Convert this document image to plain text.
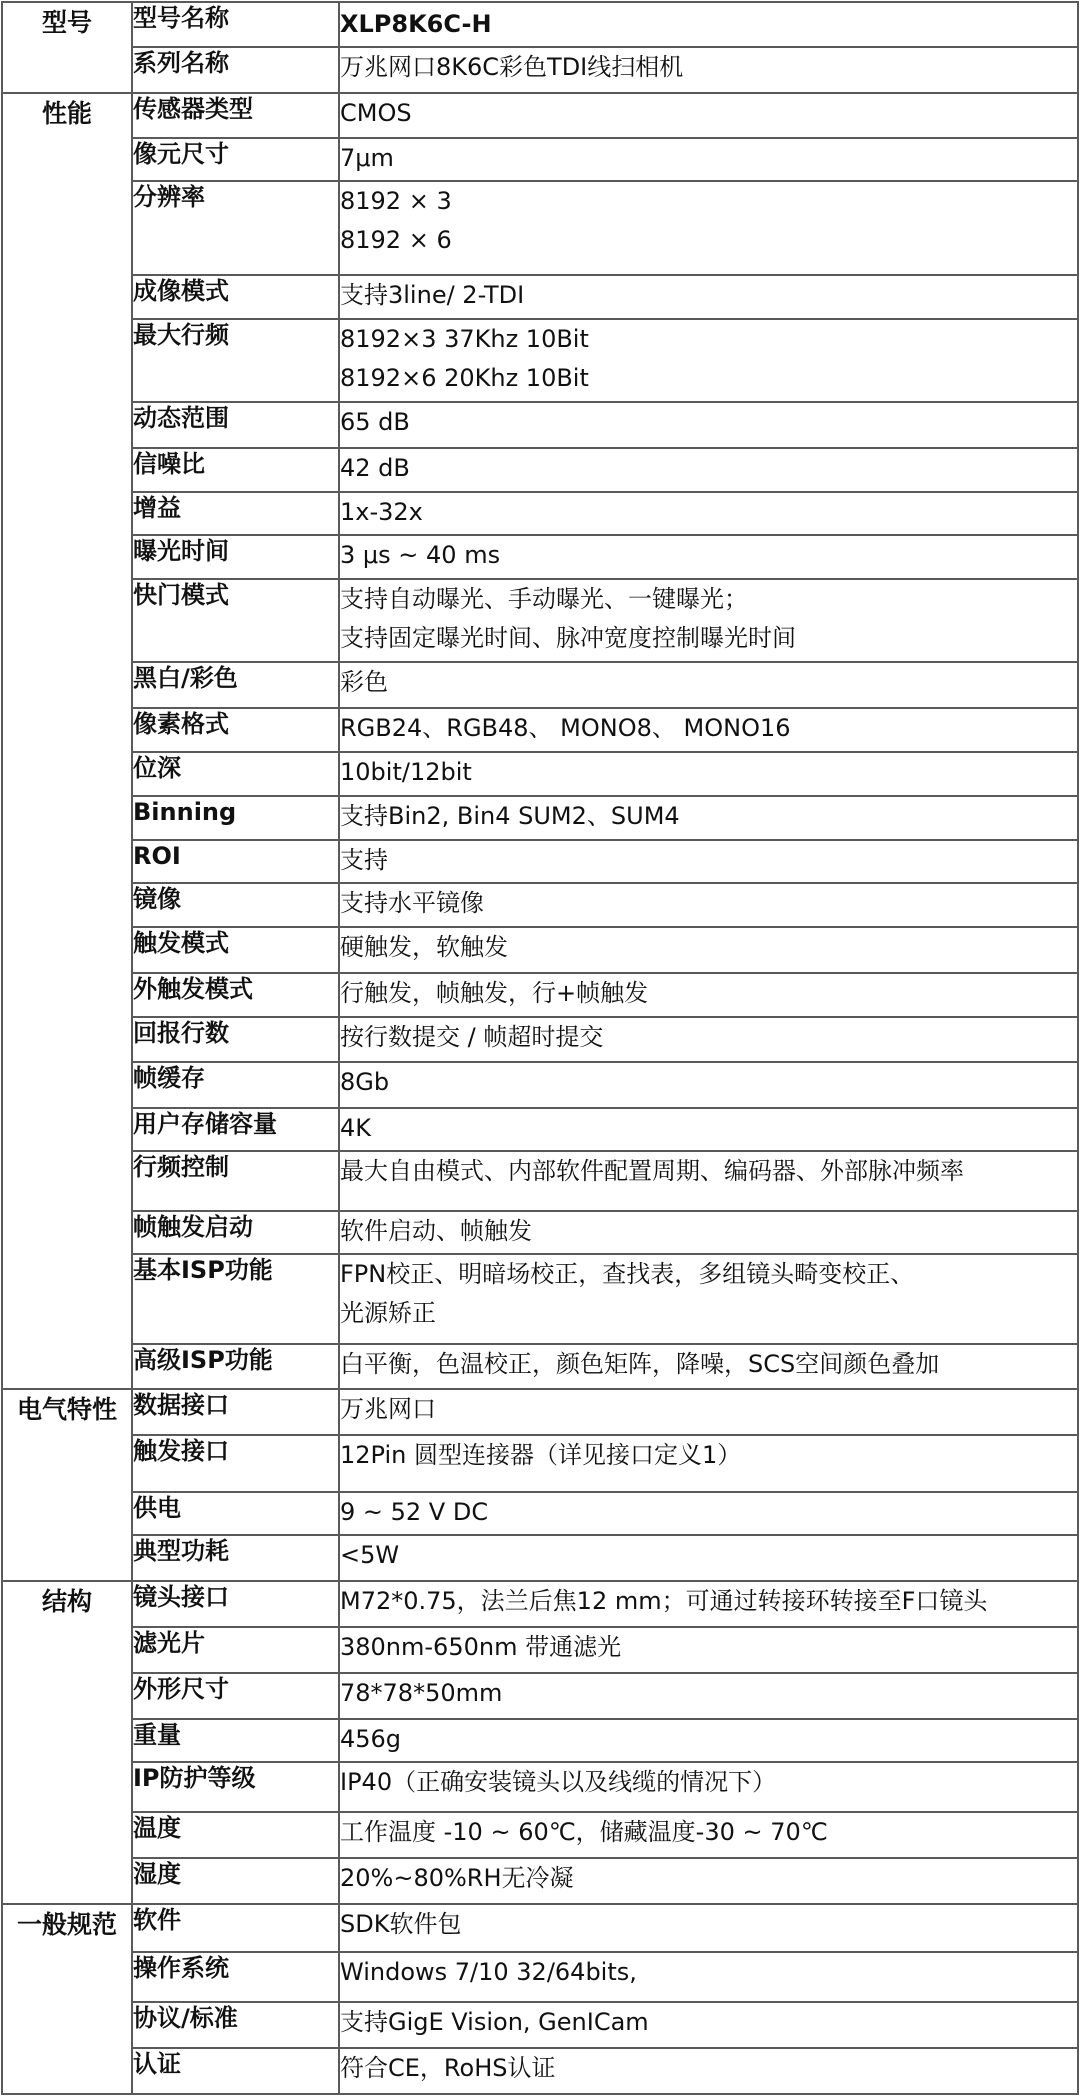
型号	型号名称	XLP8K6C-H

	系列名称	万兆网口8K6C彩色TDI线扫相机

性能	传感器类型	CMOS

	像元尺寸	7μm

	分辨率	8192 × 3
8192 × 6

	成像模式	支持3line/ 2-TDI

	最大行频	8192×3 37Khz 10Bit
8192×6 20Khz 10Bit

	动态范围	65 dB

	信噪比	42 dB

	增益	1x-32x

	曝光时间	3 μs ~ 40 ms

	快门模式	支持自动曝光、手动曝光、一键曝光；
支持固定曝光时间、脉冲宽度控制曝光时间

	黑白/彩色	彩色

	像素格式	RGB24、RGB48、 MONO8、 MONO16

	位深	10bit/12bit

	Binning	支持Bin2, Bin4 SUM2、SUM4

	ROI	支持

	镜像	支持水平镜像

	触发模式	硬触发，软触发

	外触发模式	行触发，帧触发，行+帧触发

	回报行数	按行数提交 / 帧超时提交

	帧缓存	8Gb

	用户存储容量	4K

	行频控制	最大自由模式、内部软件配置周期、编码器、外部脉冲频率

	帧触发启动	软件启动、帧触发

	基本ISP功能	FPN校正、明暗场校正，查找表，多组镜头畸变校正、
光源矫正

	高级ISP功能	白平衡，色温校正，颜色矩阵，降噪，SCS空间颜色叠加

电气特性	数据接口	万兆网口

	触发接口	12Pin 圆型连接器（详见接口定义1）

	供电	9 ~ 52 V DC

	典型功耗	<5W

结构	镜头接口	M72*0.75，法兰后焦12 mm；可通过转接环转接至F口镜头

	滤光片	380nm-650nm 带通滤光

	外形尺寸	78*78*50mm

	重量	456g

	IP防护等级	IP40（正确安装镜头以及线缆的情况下）

	温度	工作温度 -10 ~ 60℃，储藏温度-30 ~ 70℃

	湿度	20%~80%RH无冷凝

一般规范	软件	SDK软件包

	操作系统	Windows 7/10 32/64bits,

	协议/标准	支持GigE Vision, GenICam

	认证	符合CE，RoHS认证
